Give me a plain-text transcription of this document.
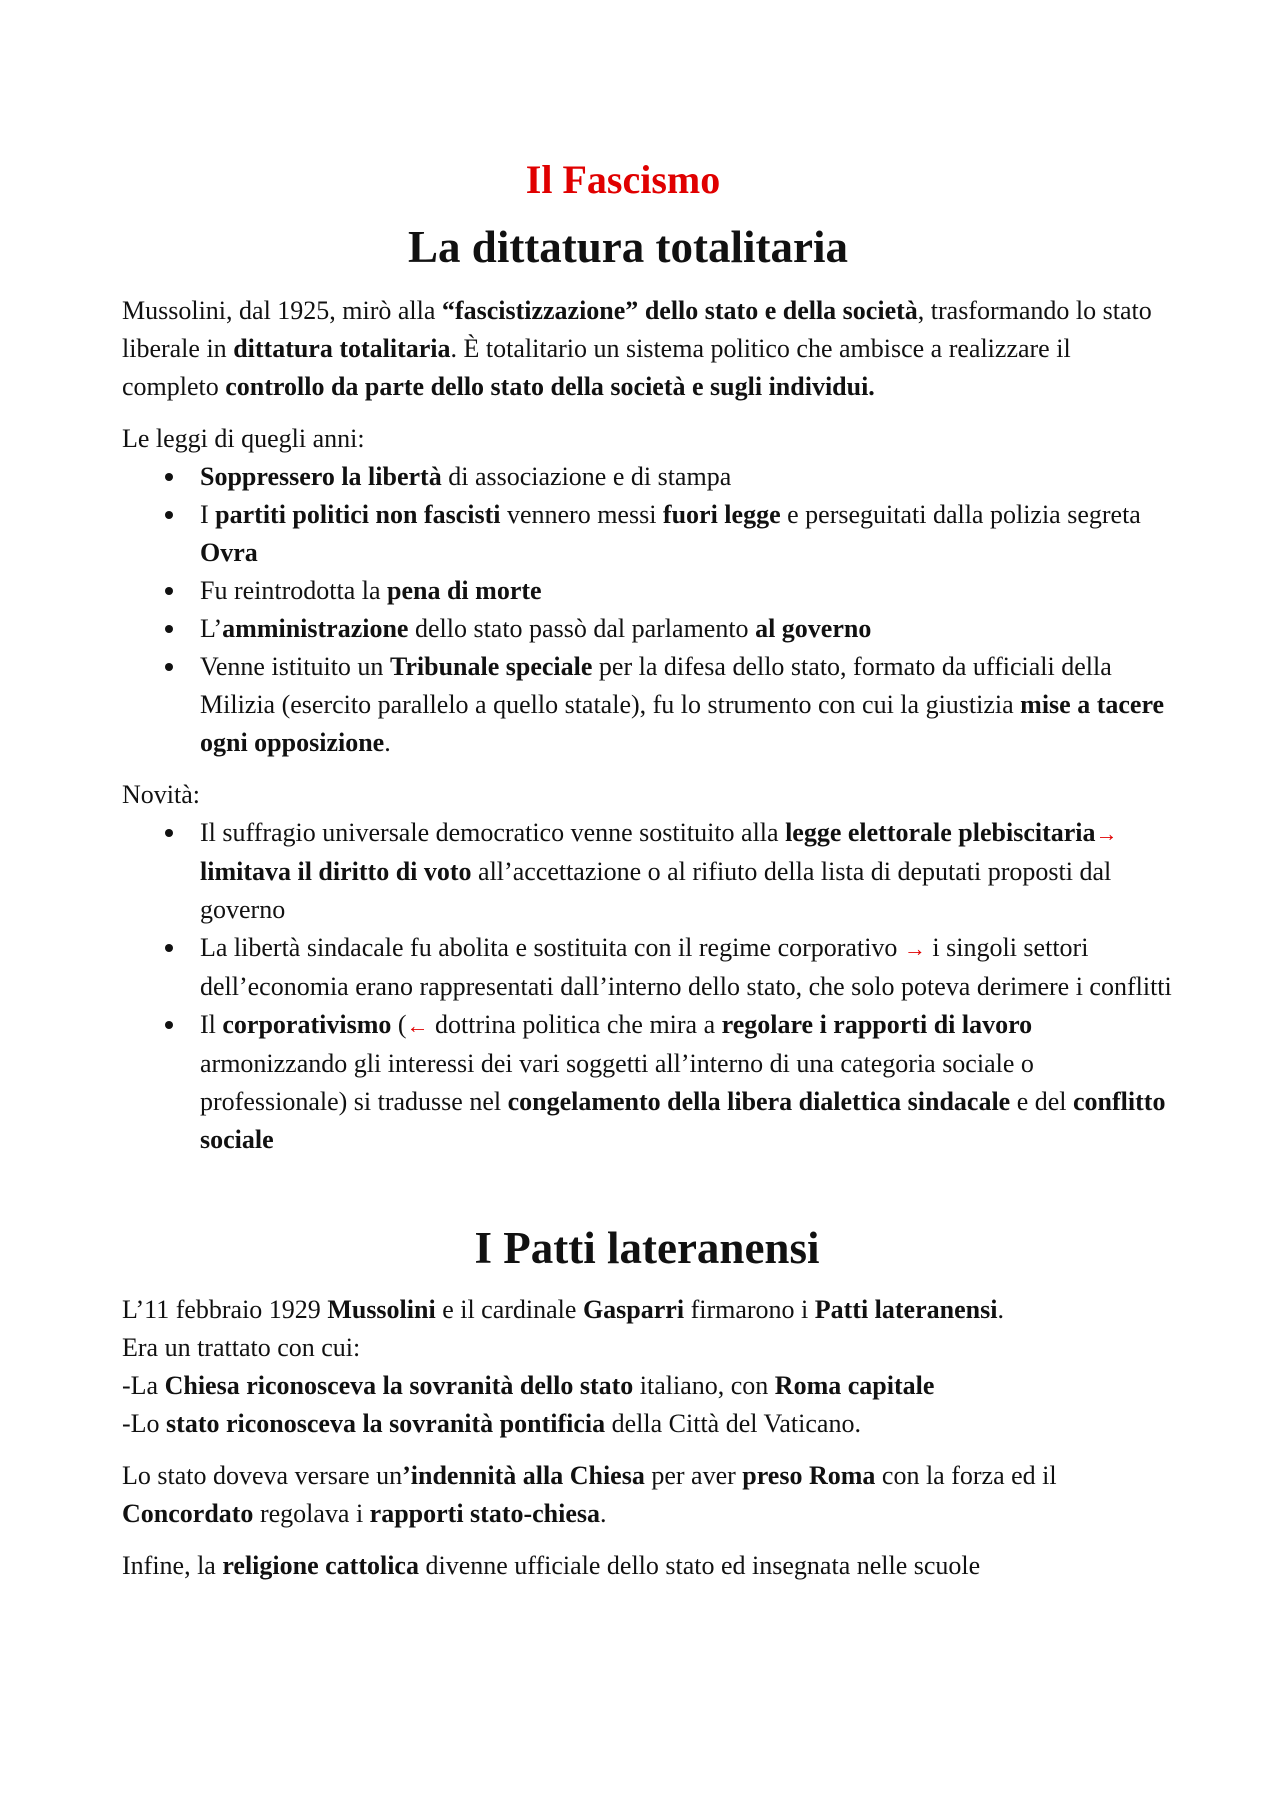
Il Fascismo
La dittatura totalitaria

Mussolini, dal 1925, mirò alla “fascistizzazione” dello stato e della società, trasformando lo stato liberale in dittatura totalitaria. È totalitario un sistema politico che ambisce a realizzare il completo controllo da parte dello stato della società e sugli individui.

Le leggi di quegli anni:
Soppressero la libertà di associazione e di stampa
I partiti politici non fascisti vennero messi fuori legge e perseguitati dalla polizia segreta Ovra
Fu reintrodotta la pena di morte
L’amministrazione dello stato passò dal parlamento al governo
Venne istituito un Tribunale speciale per la difesa dello stato, formato da ufficiali della Milizia (esercito parallelo a quello statale), fu lo strumento con cui la giustizia mise a tacere ogni opposizione.
Novità:
Il suffragio universale democratico venne sostituito alla legge elettorale plebiscitaria→ limitava il diritto di voto all’accettazione o al rifiuto della lista di deputati proposti dal governo
La libertà sindacale fu abolita e sostituita con il regime corporativo → i singoli settori dell’economia erano rappresentati dall’interno dello stato, che solo poteva derimere i conflitti
Il corporativismo (← dottrina politica che mira a regolare i rapporti di lavoro armonizzando gli interessi dei vari soggetti all’interno di una categoria sociale o professionale) si tradusse nel congelamento della libera dialettica sindacale e del conflitto sociale
I Patti lateranensi

L’11 febbraio 1929 Mussolini e il cardinale Gasparri firmarono i Patti lateranensi.

Era un trattato con cui:

-La Chiesa riconosceva la sovranità dello stato italiano, con Roma capitale

-Lo stato riconosceva la sovranità pontificia della Città del Vaticano.

Lo stato doveva versare un’indennità alla Chiesa per aver preso Roma con la forza ed il Concordato regolava i rapporti stato-chiesa.

Infine, la religione cattolica divenne ufficiale dello stato ed insegnata nelle scuole
